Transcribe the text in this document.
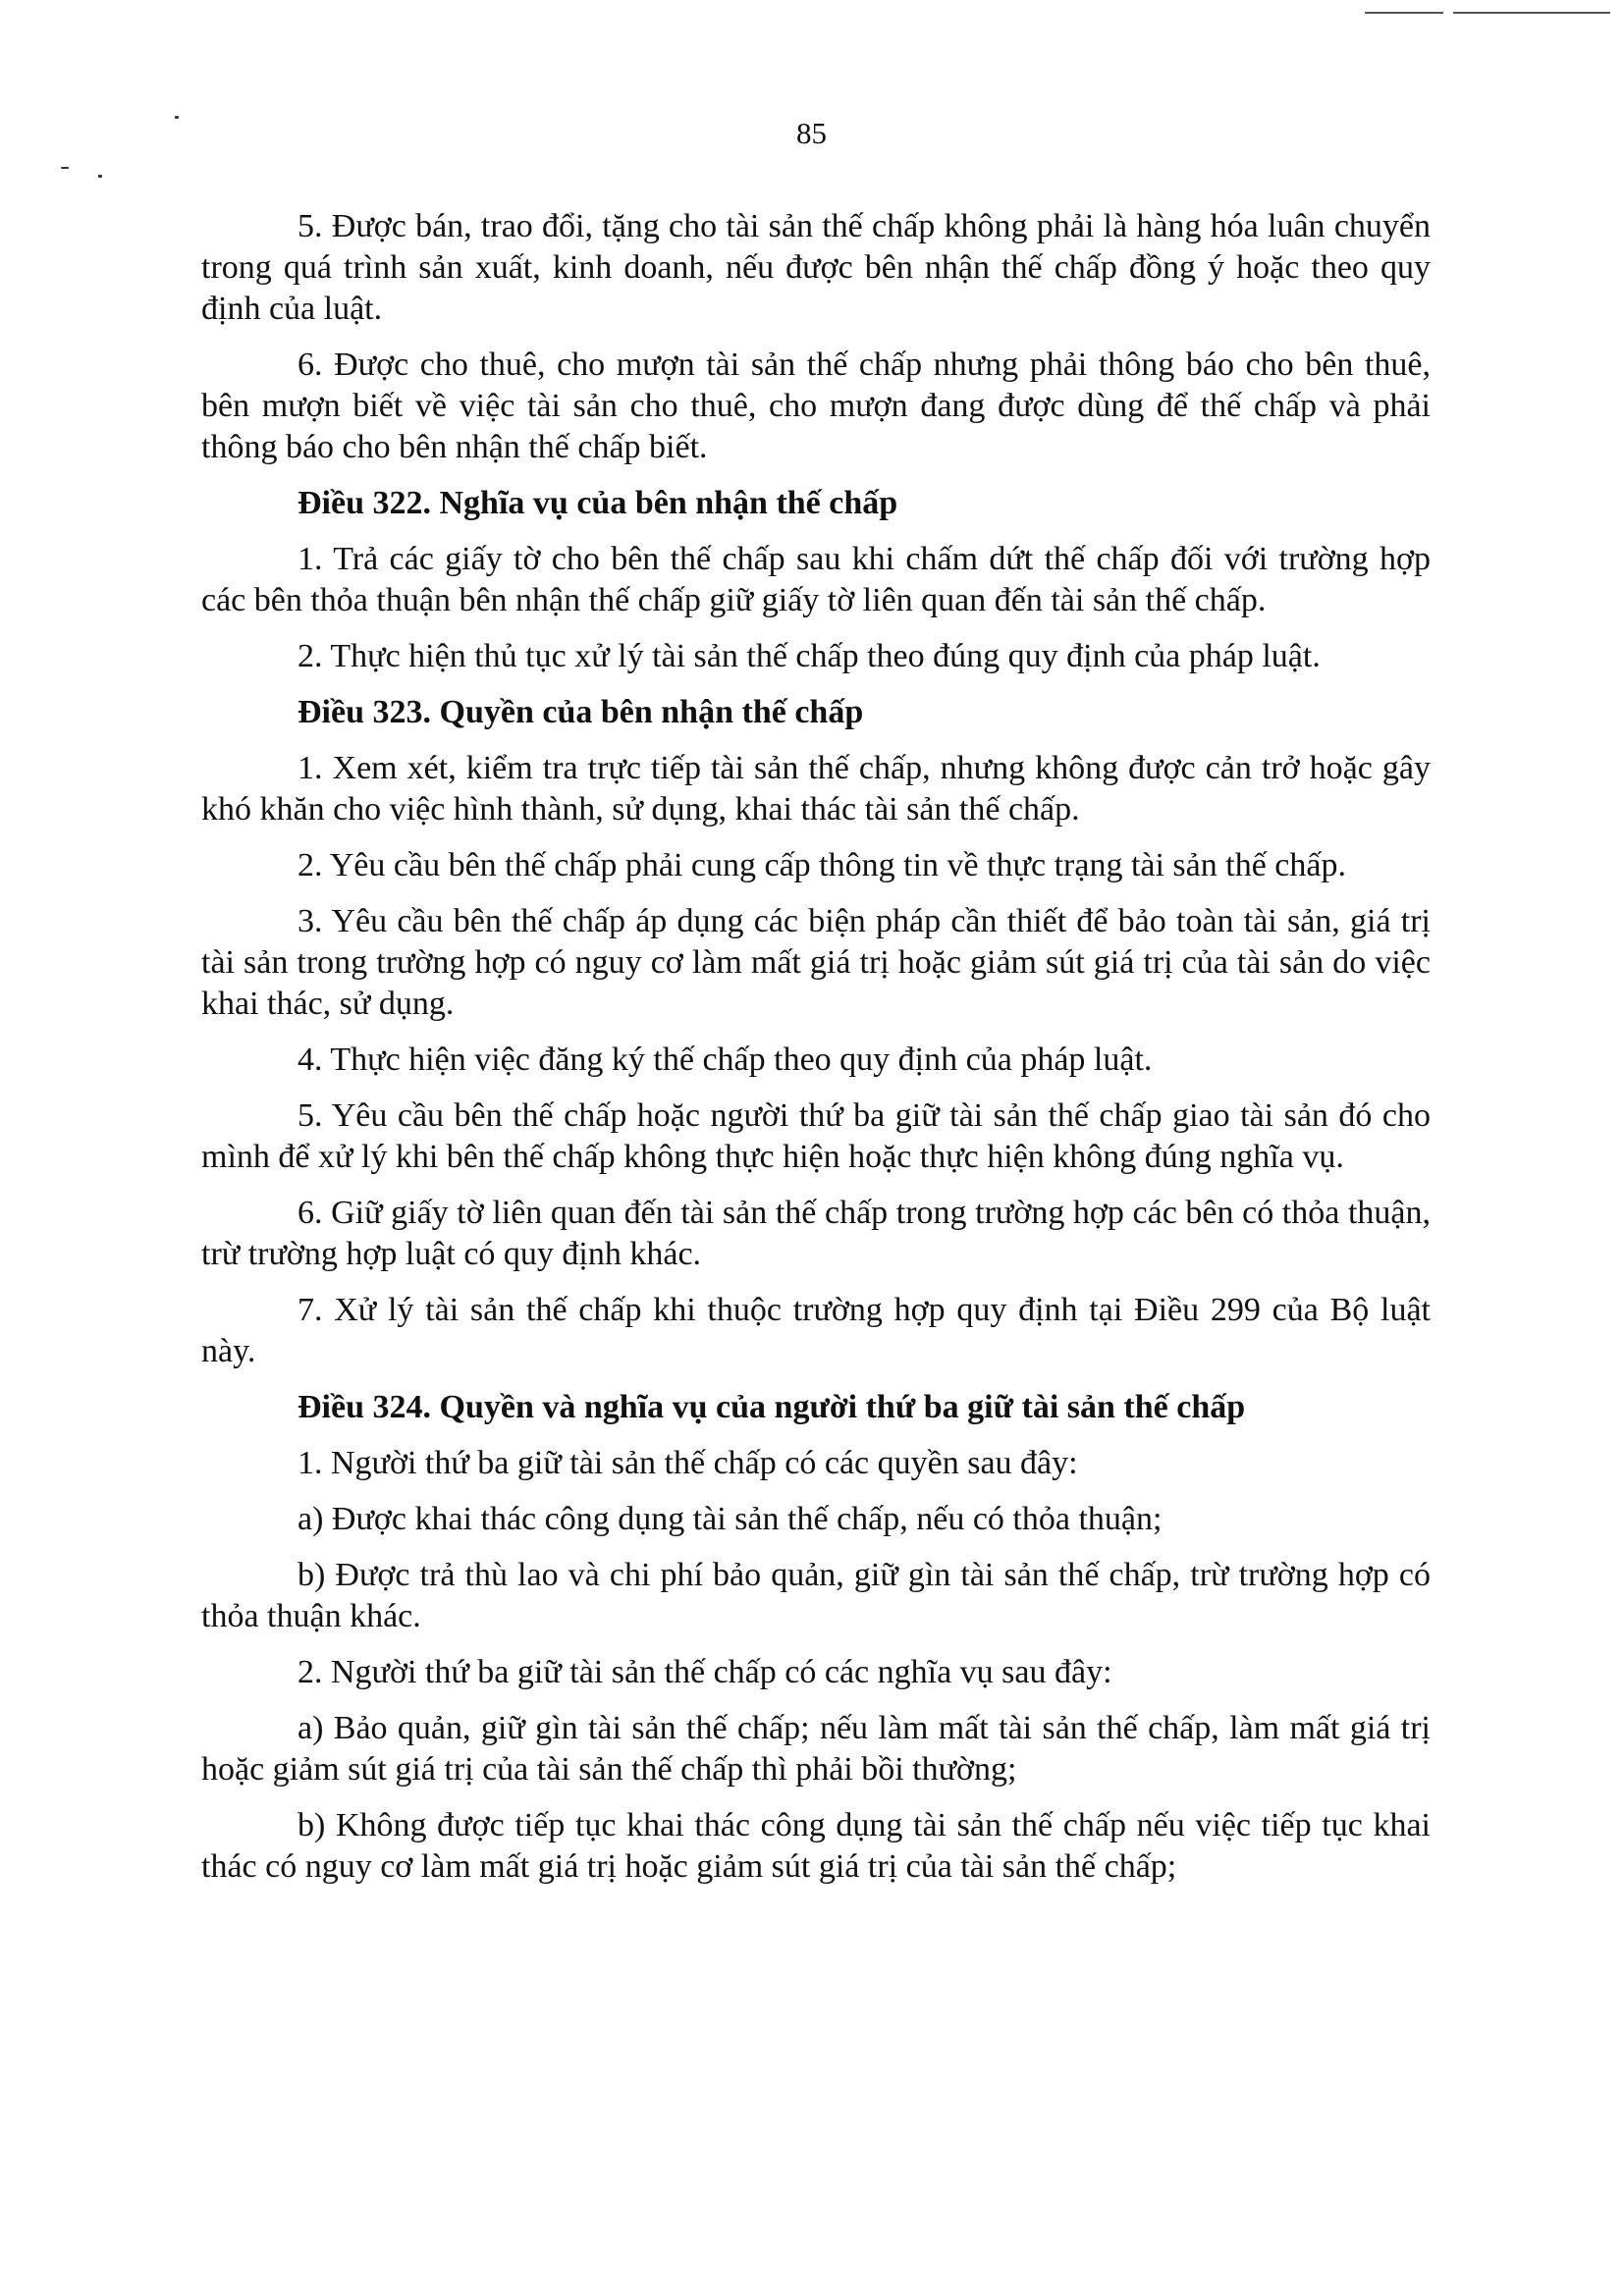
85

5. Được bán, trao đổi, tặng cho tài sản thế chấp không phải là hàng hóa luân chuyển trong quá trình sản xuất, kinh doanh, nếu được bên nhận thế chấp đồng ý hoặc theo quy định của luật.

6. Được cho thuê, cho mượn tài sản thế chấp nhưng phải thông báo cho bên thuê, bên mượn biết về việc tài sản cho thuê, cho mượn đang được dùng để thế chấp và phải thông báo cho bên nhận thế chấp biết.

Điều 322. Nghĩa vụ của bên nhận thế chấp

1. Trả các giấy tờ cho bên thế chấp sau khi chấm dứt thế chấp đối với trường hợp các bên thỏa thuận bên nhận thế chấp giữ giấy tờ liên quan đến tài sản thế chấp.

2. Thực hiện thủ tục xử lý tài sản thế chấp theo đúng quy định của pháp luật.

Điều 323. Quyền của bên nhận thế chấp

1. Xem xét, kiểm tra trực tiếp tài sản thế chấp, nhưng không được cản trở hoặc gây khó khăn cho việc hình thành, sử dụng, khai thác tài sản thế chấp.

2. Yêu cầu bên thế chấp phải cung cấp thông tin về thực trạng tài sản thế chấp.

3. Yêu cầu bên thế chấp áp dụng các biện pháp cần thiết để bảo toàn tài sản, giá trị tài sản trong trường hợp có nguy cơ làm mất giá trị hoặc giảm sút giá trị của tài sản do việc khai thác, sử dụng.

4. Thực hiện việc đăng ký thế chấp theo quy định của pháp luật.

5. Yêu cầu bên thế chấp hoặc người thứ ba giữ tài sản thế chấp giao tài sản đó cho mình để xử lý khi bên thế chấp không thực hiện hoặc thực hiện không đúng nghĩa vụ.

6. Giữ giấy tờ liên quan đến tài sản thế chấp trong trường hợp các bên có thỏa thuận, trừ trường hợp luật có quy định khác.

7. Xử lý tài sản thế chấp khi thuộc trường hợp quy định tại Điều 299 của Bộ luật này.

Điều 324. Quyền và nghĩa vụ của người thứ ba giữ tài sản thế chấp

1. Người thứ ba giữ tài sản thế chấp có các quyền sau đây:

a) Được khai thác công dụng tài sản thế chấp, nếu có thỏa thuận;

b) Được trả thù lao và chi phí bảo quản, giữ gìn tài sản thế chấp, trừ trường hợp có thỏa thuận khác.

2. Người thứ ba giữ tài sản thế chấp có các nghĩa vụ sau đây:

a) Bảo quản, giữ gìn tài sản thế chấp; nếu làm mất tài sản thế chấp, làm mất giá trị hoặc giảm sút giá trị của tài sản thế chấp thì phải bồi thường;

b) Không được tiếp tục khai thác công dụng tài sản thế chấp nếu việc tiếp tục khai thác có nguy cơ làm mất giá trị hoặc giảm sút giá trị của tài sản thế chấp;
